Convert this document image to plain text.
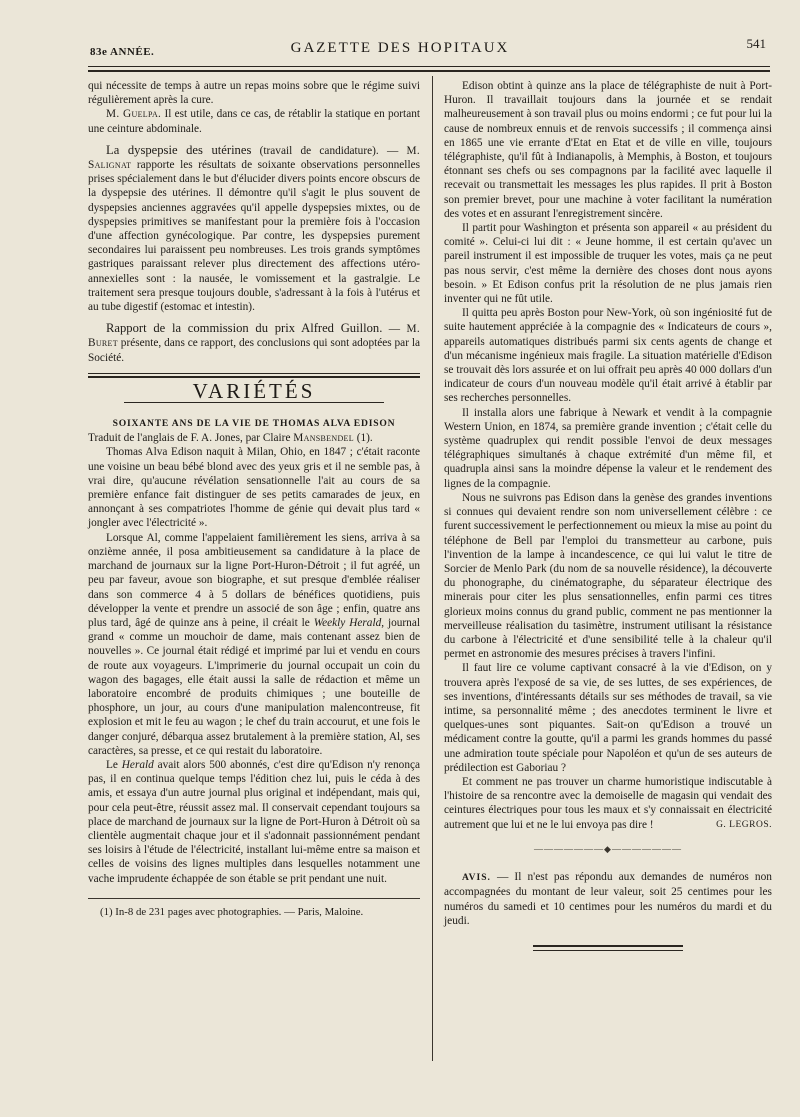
83e ANNÉE.	GAZETTE DES HOPITAUX	541

qui nécessite de temps à autre un repas moins sobre que le régime suivi régulièrement après la cure.

M. Guelpa. Il est utile, dans ce cas, de rétablir la statique en portant une ceinture abdominale.

La dyspepsie des utérines (travail de candidature). — M. Salignat rapporte les résultats de soixante observations personnelles prises spécialement dans le but d'élucider divers points encore obscurs de la dyspepsie des utérines. Il démontre qu'il s'agit le plus souvent de dyspepsies anciennes aggravées qu'il appelle dyspepsies mixtes, ou de dyspepsies primitives se manifestant pour la première fois à l'occasion d'une affection gynécologique. Par contre, les dyspepsies purement secondaires lui paraissent peu nombreuses. Les trois grands symptômes gastriques paraissant relever plus directement des affections utéro-annexielles sont : la nausée, le vomissement et la gastralgie. Le traitement sera presque toujours double, s'adressant à la fois à l'utérus et au tube digestif (estomac et intestin).

Rapport de la commission du prix Alfred Guillon. — M. Buret présente, dans ce rapport, des conclusions qui sont adoptées par la Société.

VARIÉTÉS

SOIXANTE ANS DE LA VIE DE THOMAS ALVA EDISON

Traduit de l'anglais de F. A. Jones, par Claire Mansbendel (1).

Thomas Alva Edison naquit à Milan, Ohio, en 1847 ; c'était raconte une voisine un beau bébé blond avec des yeux gris et il ne semble pas, à vrai dire, qu'aucune révélation sensationnelle l'ait au cours de sa première enfance fait distinguer de ses petits camarades de jeux, en annonçant à ses compatriotes l'homme de génie qui devait plus tard « jongler avec l'électricité ».

Lorsque Al, comme l'appelaient familièrement les siens, arriva à sa onzième année, il posa ambitieusement sa candidature à la place de marchand de journaux sur la ligne Port-Huron-Détroit ; il fut agréé, un peu par faveur, avoue son biographe, et sut presque d'emblée réaliser dans son commerce 4 à 5 dollars de bénéfices quotidiens, puis développer la vente et prendre un associé de son âge ; enfin, quatre ans plus tard, âgé de quinze ans à peine, il créait le Weekly Herald, journal grand « comme un mouchoir de dame, mais contenant assez bien de nouvelles ». Ce journal était rédigé et imprimé par lui et vendu en cours de route aux voyageurs. L'imprimerie du journal occupait un coin du wagon des bagages, elle était aussi la salle de rédaction et même un laboratoire encombré de produits chimiques ; une bouteille de phosphore, un jour, au cours d'une manipulation malencontreuse, fit explosion et mit le feu au wagon ; le chef du train accourut, et une fois le danger conjuré, débarqua assez brutalement à la première station, Al, ses caractères, sa presse, et ce qui restait du laboratoire.

Le Herald avait alors 500 abonnés, c'est dire qu'Edison n'y renonça pas, il en continua quelque temps l'édition chez lui, puis le céda à des amis, et essaya d'un autre journal plus original et indépendant, mais qui, pour cela peut-être, réussit assez mal. Il conservait cependant toujours sa place de marchand de journaux sur la ligne de Port-Huron à Détroit où sa clientèle augmentait chaque jour et il s'adonnait passionnément pendant ses loisirs à l'étude de l'électricité, installant lui-même entre sa maison et celles de voisins des lignes multiples dans lesquelles notamment une vache imprudente échappée de son étable se prit pendant une nuit.

(1) In-8 de 231 pages avec photographies. — Paris, Maloine.

Edison obtint à quinze ans la place de télégraphiste de nuit à Port-Huron. Il travaillait toujours dans la journée et se rendait malheureusement à son travail plus ou moins endormi ; ce fut pour lui la cause de nombreux ennuis et de renvois successifs ; il commença ainsi en 1865 une vie errante d'Etat en Etat et de ville en ville, toujours télégraphiste, qu'il fût à Indianapolis, à Memphis, à Boston, et toujours étonnant ses chefs ou ses compagnons par la facilité avec laquelle il recevait ou transmettait les messages les plus rapides. Il prit à Boston son premier brevet, pour une machine à voter facilitant la numération des votes et en assurant l'enregistrement sincère.

Il partit pour Washington et présenta son appareil « au président du comité ». Celui-ci lui dit : « Jeune homme, il est certain qu'avec un pareil instrument il est impossible de truquer les votes, mais ça ne peut pas nous servir, c'est même la dernière des choses dont nous ayons besoin. » Et Edison confus prit la résolution de ne plus jamais rien inventer qui ne fût utile.

Il quitta peu après Boston pour New-York, où son ingéniosité fut de suite hautement appréciée à la compagnie des « Indicateurs de cours », appareils automatiques distribués parmi six cents agents de change et d'un mécanisme ingénieux mais fragile. La situation matérielle d'Edison se trouvait dès lors assurée et on lui offrait peu après 40 000 dollars d'un indicateur de cours d'un nouveau modèle qu'il était arrivé à établir par ses recherches personnelles.

Il installa alors une fabrique à Newark et vendit à la compagnie Western Union, en 1874, sa première grande invention ; c'était celle du système quadruplex qui rendit possible l'envoi de deux messages télégraphiques simultanés à chaque extrémité d'un même fil, et quadrupla ainsi sans la moindre dépense la valeur et le rendement des lignes de la compagnie.

Nous ne suivrons pas Edison dans la genèse des grandes inventions si connues qui devaient rendre son nom universellement célèbre : ce furent successivement le perfectionnement ou mieux la mise au point du téléphone de Bell par l'emploi du transmetteur au carbone, puis l'invention de la lampe à incandescence, ce qui lui valut le titre de Sorcier de Menlo Park (du nom de sa nouvelle résidence), la découverte du phonographe, du cinématographe, du séparateur électrique des minerais pour citer les plus sensationnelles, enfin parmi ces titres glorieux moins connus du grand public, comment ne pas mentionner la merveilleuse réalisation du tasimètre, instrument utilisant la résistance du carbone à l'électricité et d'une sensibilité telle à la chaleur qu'il permet en astronomie des mesures précises à travers l'infini.

Il faut lire ce volume captivant consacré à la vie d'Edison, on y trouvera après l'exposé de sa vie, de ses luttes, de ses expériences, de ses inventions, d'intéressants détails sur ses méthodes de travail, sa vie intime, sa personnalité même ; des anecdotes terminent le livre et quelques-unes sont piquantes. Sait-on qu'Edison a trouvé un médicament contre la goutte, qu'il a parmi les grands hommes du passé une admiration toute spéciale pour Napoléon et qu'un de ses auteurs de prédilection est Gaboriau ?

Et comment ne pas trouver un charme humoristique indiscutable à l'histoire de sa rencontre avec la demoiselle de magasin qui vendait des ceintures électriques pour tous les maux et s'y connaissait en électricité autrement que lui et ne le lui envoya pas dire !	G. LEGROS.

———————◆———————

AVIS. — Il n'est pas répondu aux demandes de numéros non accompagnées du montant de leur valeur, soit 25 centimes pour les numéros du samedi et 10 centimes pour les numéros du mardi et du jeudi.
